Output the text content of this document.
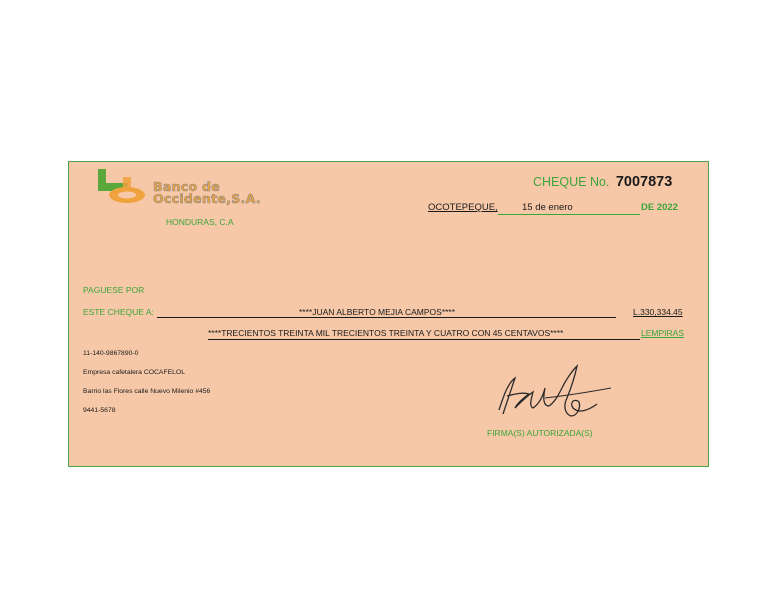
Banco de
Occidente,S.A.
HONDURAS, C.A
CHEQUE No. 7007873
OCOTEPEQUE,	15 de enero	DE 2022
PAGUESE POR
ESTE CHEQUE A:	****JUAN ALBERTO MEJIA CAMPOS****	L.330,334.45
****TRECIENTOS TREINTA MIL TRECIENTOS TREINTA Y CUATRO CON 45 CENTAVOS****	LEMPIRAS
11-140-9867890-0
Empresa cafetalera COCAFELOL
Barrio las Flores calle Nuevo Milenio #456
9441-5678
FIRMA(S) AUTORIZADA(S)
